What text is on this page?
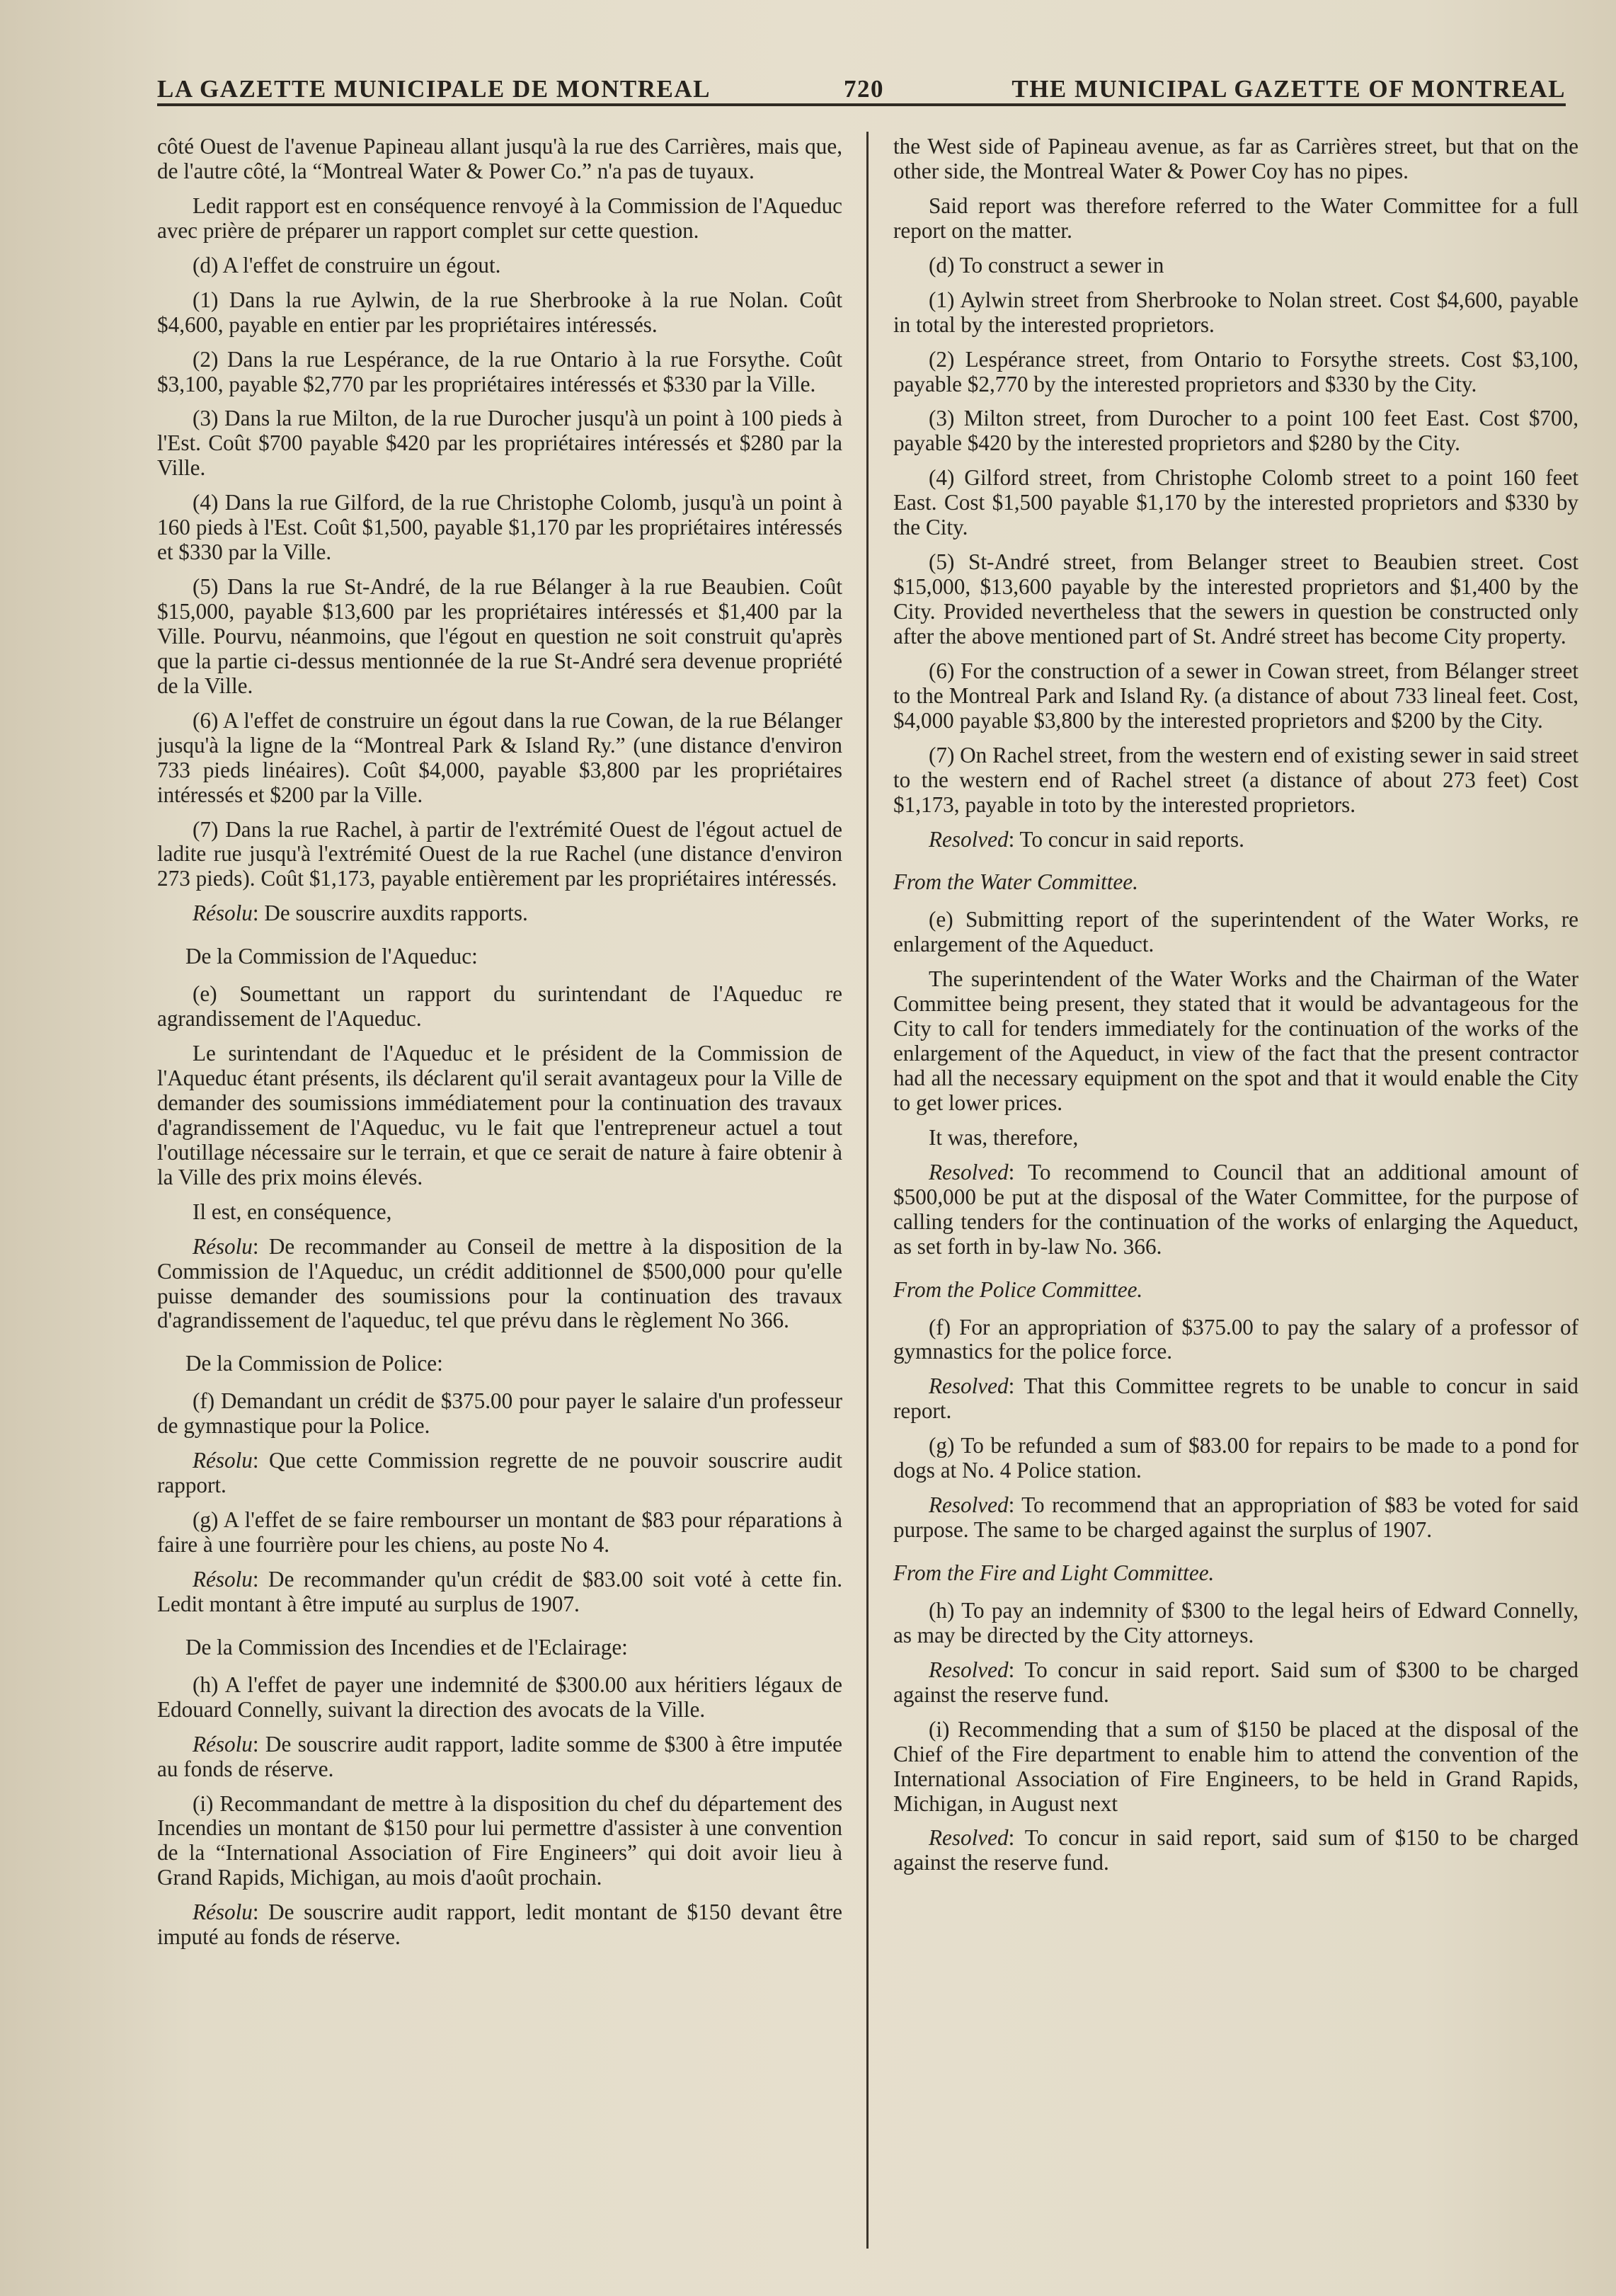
LA GAZETTE MUNICIPALE DE MONTREAL	720	THE MUNICIPAL GAZETTE OF MONTREAL

côté Ouest de l'avenue Papineau allant jusqu'à la rue des Carrières, mais que, de l'autre côté, la “Montreal Water & Power Co.” n'a pas de tuyaux.

Ledit rapport est en conséquence renvoyé à la Commission de l'Aqueduc avec prière de préparer un rapport complet sur cette question.

(d) A l'effet de construire un égout.

(1) Dans la rue Aylwin, de la rue Sherbrooke à la rue Nolan. Coût $4,600, payable en entier par les propriétaires intéressés.

(2) Dans la rue Lespérance, de la rue Ontario à la rue Forsythe. Coût $3,100, payable $2,770 par les propriétaires intéressés et $330 par la Ville.

(3) Dans la rue Milton, de la rue Durocher jusqu'à un point à 100 pieds à l'Est. Coût $700 payable $420 par les propriétaires intéressés et $280 par la Ville.

(4) Dans la rue Gilford, de la rue Christophe Colomb, jusqu'à un point à 160 pieds à l'Est. Coût $1,500, payable $1,170 par les propriétaires intéressés et $330 par la Ville.

(5) Dans la rue St-André, de la rue Bélanger à la rue Beaubien. Coût $15,000, payable $13,600 par les propriétaires intéressés et $1,400 par la Ville. Pourvu, néanmoins, que l'égout en question ne soit construit qu'après que la partie ci-dessus mentionnée de la rue St-André sera devenue propriété de la Ville.

(6) A l'effet de construire un égout dans la rue Cowan, de la rue Bélanger jusqu'à la ligne de la “Montreal Park & Island Ry.” (une distance d'environ 733 pieds linéaires). Coût $4,000, payable $3,800 par les propriétaires intéressés et $200 par la Ville.

(7) Dans la rue Rachel, à partir de l'extrémité Ouest de l'égout actuel de ladite rue jusqu'à l'extrémité Ouest de la rue Rachel (une distance d'environ 273 pieds). Coût $1,173, payable entièrement par les propriétaires intéressés.

Résolu: De souscrire auxdits rapports.

De la Commission de l'Aqueduc:

(e) Soumettant un rapport du surintendant de l'Aqueduc re agrandissement de l'Aqueduc.

Le surintendant de l'Aqueduc et le président de la Commission de l'Aqueduc étant présents, ils déclarent qu'il serait avantageux pour la Ville de demander des soumissions immédiatement pour la continuation des travaux d'agrandissement de l'Aqueduc, vu le fait que l'entrepreneur actuel a tout l'outillage nécessaire sur le terrain, et que ce serait de nature à faire obtenir à la Ville des prix moins élevés.

Il est, en conséquence,

Résolu: De recommander au Conseil de mettre à la disposition de la Commission de l'Aqueduc, un crédit additionnel de $500,000 pour qu'elle puisse demander des soumissions pour la continuation des travaux d'agrandissement de l'aqueduc, tel que prévu dans le règlement No 366.

De la Commission de Police:

(f) Demandant un crédit de $375.00 pour payer le salaire d'un professeur de gymnastique pour la Police.

Résolu: Que cette Commission regrette de ne pouvoir souscrire audit rapport.

(g) A l'effet de se faire rembourser un montant de $83 pour réparations à faire à une fourrière pour les chiens, au poste No 4.

Résolu: De recommander qu'un crédit de $83.00 soit voté à cette fin. Ledit montant à être imputé au surplus de 1907.

De la Commission des Incendies et de l'Eclairage:

(h) A l'effet de payer une indemnité de $300.00 aux héritiers légaux de Edouard Connelly, suivant la direction des avocats de la Ville.

Résolu: De souscrire audit rapport, ladite somme de $300 à être imputée au fonds de réserve.

(i) Recommandant de mettre à la disposition du chef du département des Incendies un montant de $150 pour lui permettre d'assister à une convention de la “International Association of Fire Engineers” qui doit avoir lieu à Grand Rapids, Michigan, au mois d'août prochain.

Résolu: De souscrire audit rapport, ledit montant de $150 devant être imputé au fonds de réserve.

the West side of Papineau avenue, as far as Carrières street, but that on the other side, the Montreal Water & Power Coy has no pipes.

Said report was therefore referred to the Water Committee for a full report on the matter.

(d) To construct a sewer in

(1) Aylwin street from Sherbrooke to Nolan street. Cost $4,600, payable in total by the interested proprietors.

(2) Lespérance street, from Ontario to Forsythe streets. Cost $3,100, payable $2,770 by the interested proprietors and $330 by the City.

(3) Milton street, from Durocher to a point 100 feet East. Cost $700, payable $420 by the interested proprietors and $280 by the City.

(4) Gilford street, from Christophe Colomb street to a point 160 feet East. Cost $1,500 payable $1,170 by the interested proprietors and $330 by the City.

(5) St-André street, from Belanger street to Beaubien street. Cost $15,000, $13,600 payable by the interested proprietors and $1,400 by the City. Provided nevertheless that the sewers in question be constructed only after the above mentioned part of St. André street has become City property.

(6) For the construction of a sewer in Cowan street, from Bélanger street to the Montreal Park and Island Ry. (a distance of about 733 lineal feet. Cost, $4,000 payable $3,800 by the interested proprietors and $200 by the City.

(7) On Rachel street, from the western end of existing sewer in said street to the western end of Rachel street (a distance of about 273 feet) Cost $1,173, payable in toto by the interested proprietors.

Resolved: To concur in said reports.

From the Water Committee.

(e) Submitting report of the superintendent of the Water Works, re enlargement of the Aqueduct.

The superintendent of the Water Works and the Chairman of the Water Committee being present, they stated that it would be advantageous for the City to call for tenders immediately for the continuation of the works of the enlargement of the Aqueduct, in view of the fact that the present contractor had all the necessary equipment on the spot and that it would enable the City to get lower prices.

It was, therefore,

Resolved: To recommend to Council that an additional amount of $500,000 be put at the disposal of the Water Committee, for the purpose of calling tenders for the continuation of the works of enlarging the Aqueduct, as set forth in by-law No. 366.

From the Police Committee.

(f) For an appropriation of $375.00 to pay the salary of a professor of gymnastics for the police force.

Resolved: That this Committee regrets to be unable to concur in said report.

(g) To be refunded a sum of $83.00 for repairs to be made to a pond for dogs at No. 4 Police station.

Resolved: To recommend that an appropriation of $83 be voted for said purpose. The same to be charged against the surplus of 1907.

From the Fire and Light Committee.

(h) To pay an indemnity of $300 to the legal heirs of Edward Connelly, as may be directed by the City attorneys.

Resolved: To concur in said report. Said sum of $300 to be charged against the reserve fund.

(i) Recommending that a sum of $150 be placed at the disposal of the Chief of the Fire department to enable him to attend the convention of the International Association of Fire Engineers, to be held in Grand Rapids, Michigan, in August next

Resolved: To concur in said report, said sum of $150 to be charged against the reserve fund.
